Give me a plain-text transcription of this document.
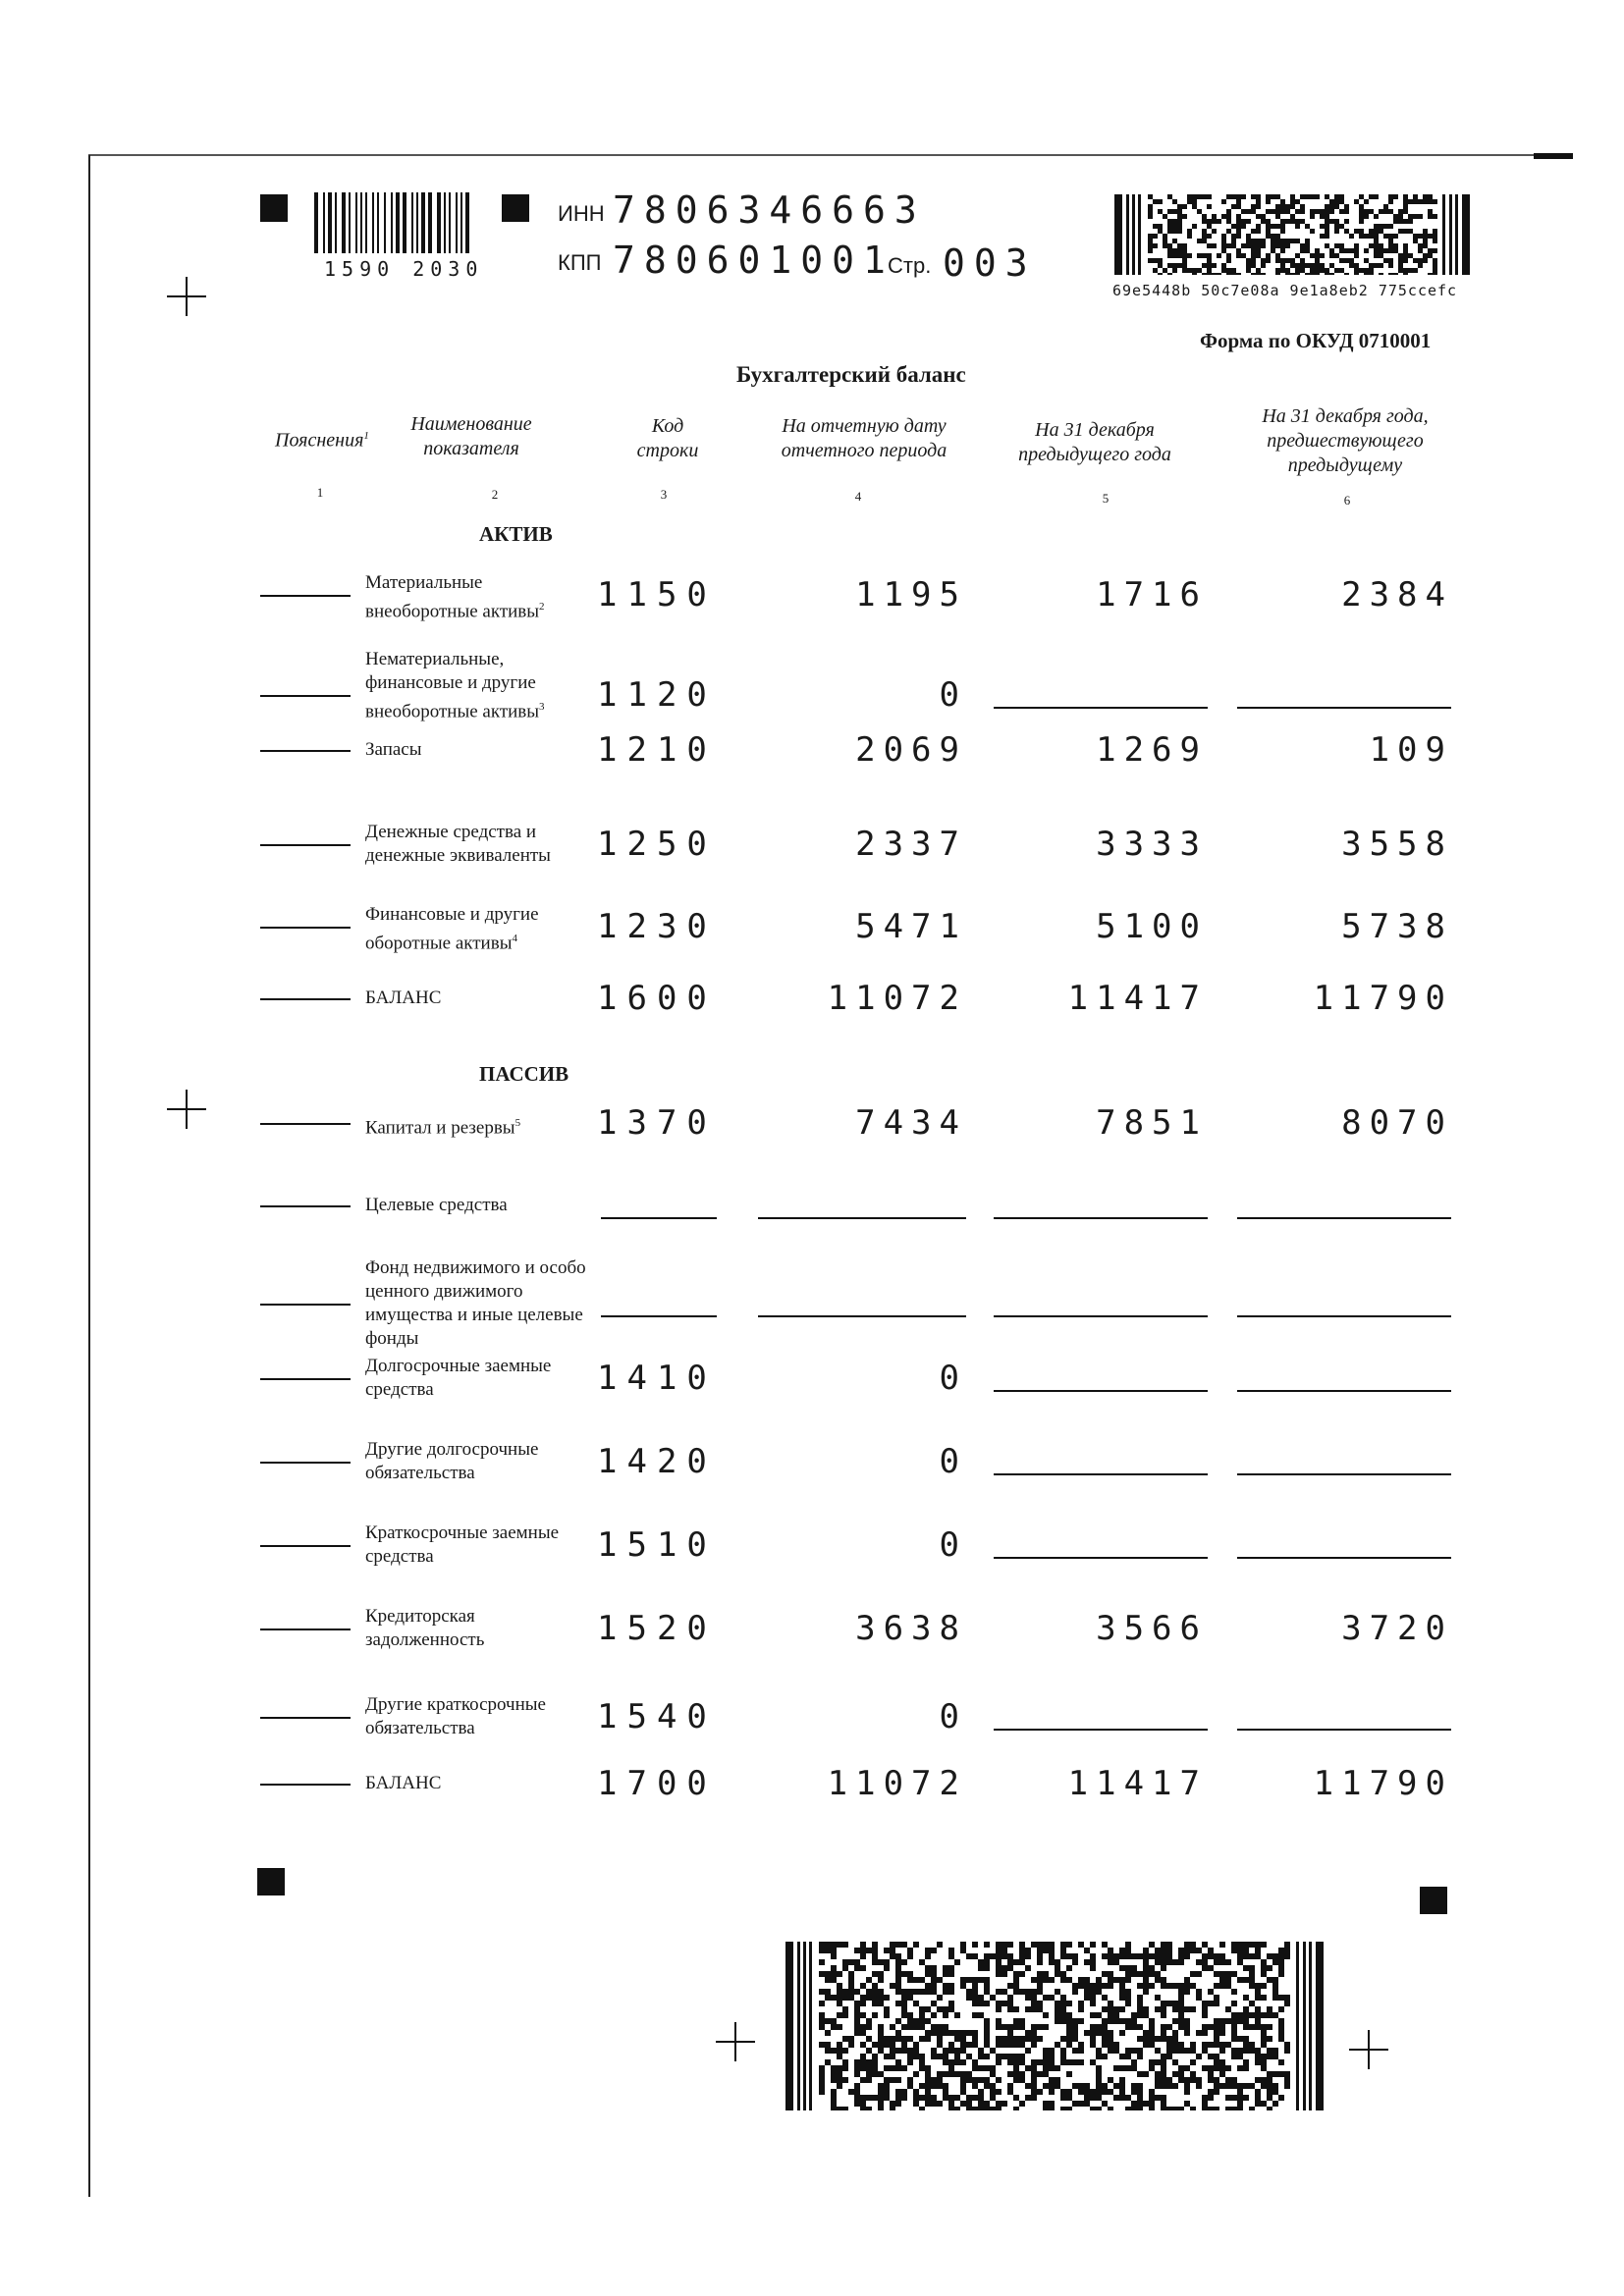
1590 2030
ИНН 7806346663
КПП 780601001
Стр. 003
69e5448b 50c7e08a 9e1a8eb2 775ccefc
Форма по ОКУД 0710001
Бухгалтерский баланс
Пояснения$^1$
Наименование
показателя
Код
строки
На отчетную дату
отчетного периода
На 31 декабря
предыдущего года
На 31 декабря года,
предшествующего
предыдущему
1	2	3	4	5	6
АКТИВ
ПАССИВ
Материальные внеоборотные активы$^2$	1150	1195	1716	2384
Нематериальные, финансовые и другие внеоборотные активы$^3$	1120	0
Запасы	1210	2069	1269	109
Денежные средства и денежные эквиваленты	1250	2337	3333	3558
Финансовые и другие оборотные активы$^4$	1230	5471	5100	5738
БАЛАНС	1600	11072	11417	11790
Капитал и резервы$^5$	1370	7434	7851	8070
Целевые средства
Фонд недвижимого и особо ценного движимого имущества и иные целевые фонды
Долгосрочные заемные средства	1410	0
Другие долгосрочные обязательства	1420	0
Краткосрочные заемные средства	1510	0
Кредиторская задолженность	1520	3638	3566	3720
Другие краткосрочные обязательства	1540	0
БАЛАНС	1700	11072	11417	11790
